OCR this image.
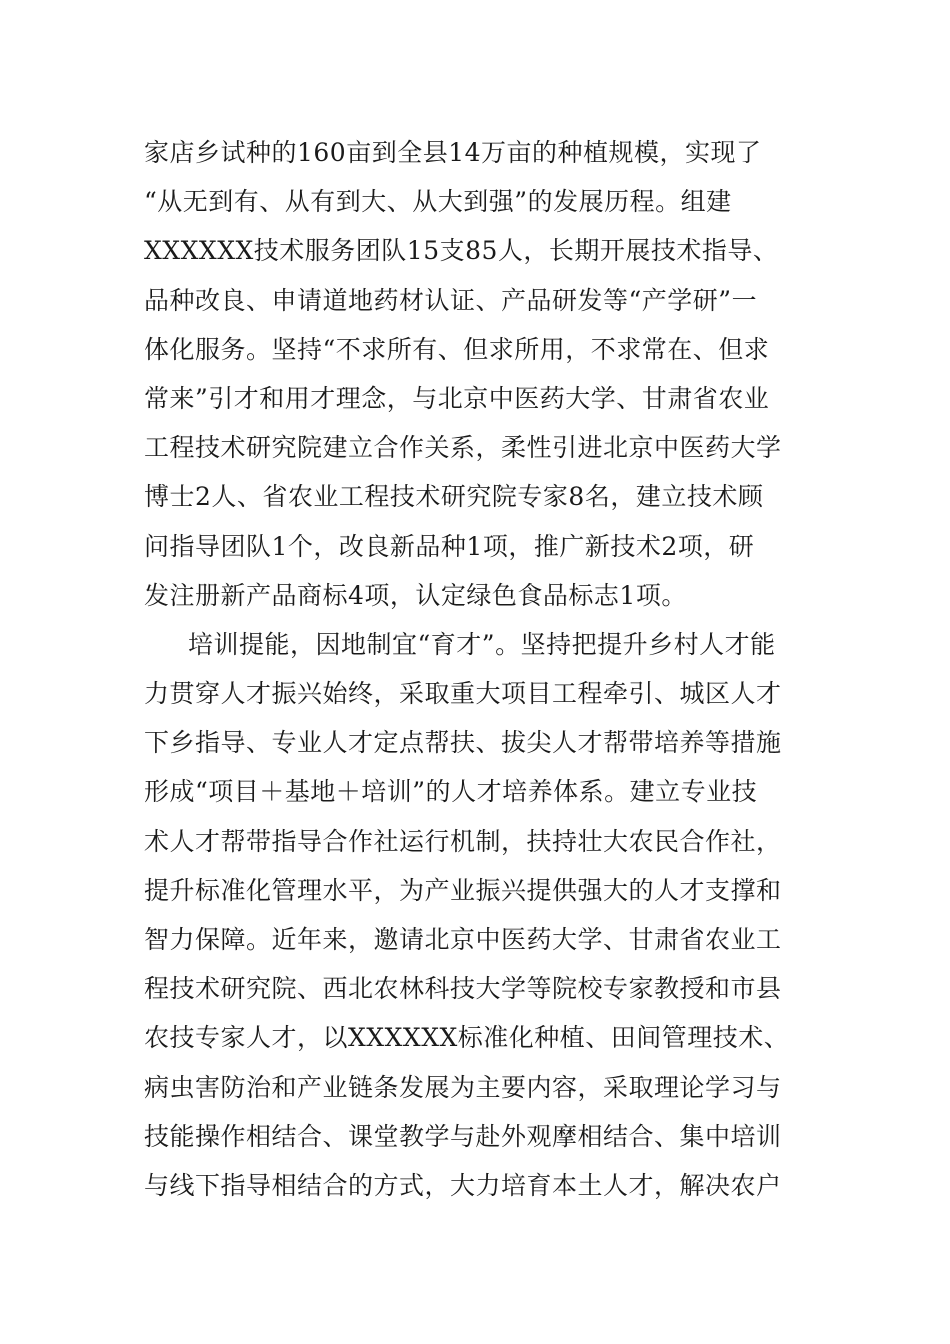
家店乡试种的160亩到全县14万亩的种植规模，实现了
“从无到有、从有到大、从大到强”的发展历程。组建
XXXXXX技术服务团队15支85人，长期开展技术指导、
品种改良、申请道地药材认证、产品研发等“产学研”一
体化服务。坚持“不求所有、但求所用，不求常在、但求
常来”引才和用才理念，与北京中医药大学、甘肃省农业
工程技术研究院建立合作关系，柔性引进北京中医药大学
博士2人、省农业工程技术研究院专家8名，建立技术顾
问指导团队1个，改良新品种1项，推广新技术2项，研
发注册新产品商标4项，认定绿色食品标志1项。
培训提能，因地制宜“育才”。坚持把提升乡村人才能
力贯穿人才振兴始终，采取重大项目工程牵引、城区人才
下乡指导、专业人才定点帮扶、拔尖人才帮带培养等措施
形成“项目＋基地＋培训”的人才培养体系。建立专业技
术人才帮带指导合作社运行机制，扶持壮大农民合作社，
提升标准化管理水平，为产业振兴提供强大的人才支撑和
智力保障。近年来，邀请北京中医药大学、甘肃省农业工
程技术研究院、西北农林科技大学等院校专家教授和市县
农技专家人才，以XXXXXX标准化种植、田间管理技术、
病虫害防治和产业链条发展为主要内容，采取理论学习与
技能操作相结合、课堂教学与赴外观摩相结合、集中培训
与线下指导相结合的方式，大力培育本土人才，解决农户
